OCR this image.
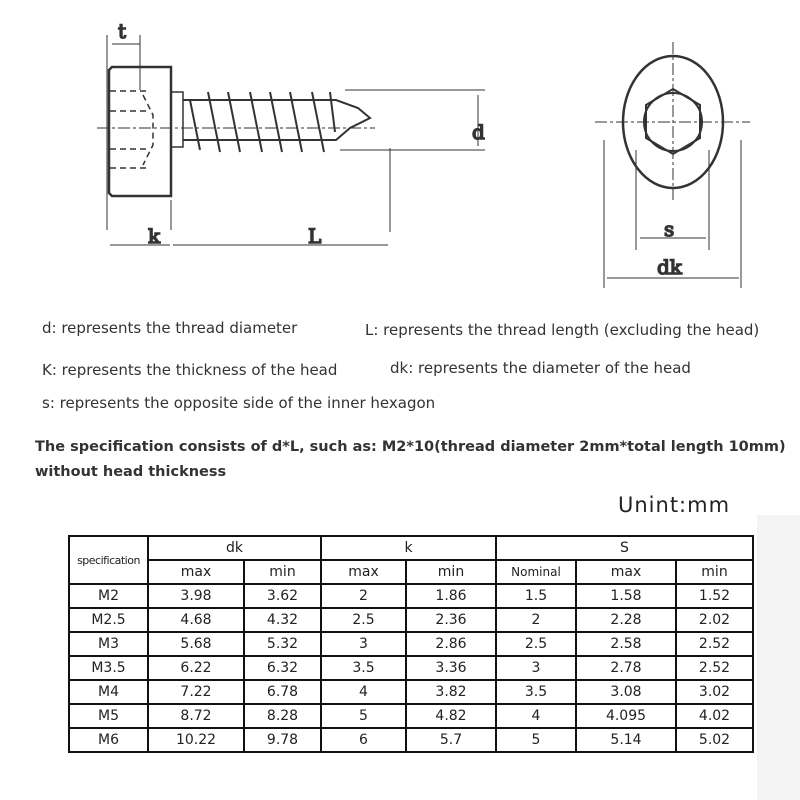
t
k	L
d
s
dk
d: represents the thread diameter	L: represents the thread length (excluding the head)
K: represents the thickness of the head	dk: represents the diameter of the head
s: represents the opposite side of the inner hexagon
The specification consists of d*L, such as: M2*10(thread diameter 2mm*total length 10mm)
without head thickness
Unint:mm
specification	dk		k		S		
	max	min	max	min	Nominal	max	min
M2	3.98	3.62	2	1.86	1.5	1.58	1.52
M2.5	4.68	4.32	2.5	2.36	2	2.28	2.02
M3	5.68	5.32	3	2.86	2.5	2.58	2.52
M3.5	6.22	6.32	3.5	3.36	3	2.78	2.52
M4	7.22	6.78	4	3.82	3.5	3.08	3.02
M5	8.72	8.28	5	4.82	4	4.095	4.02
M6	10.22	9.78	6	5.7	5	5.14	5.02
